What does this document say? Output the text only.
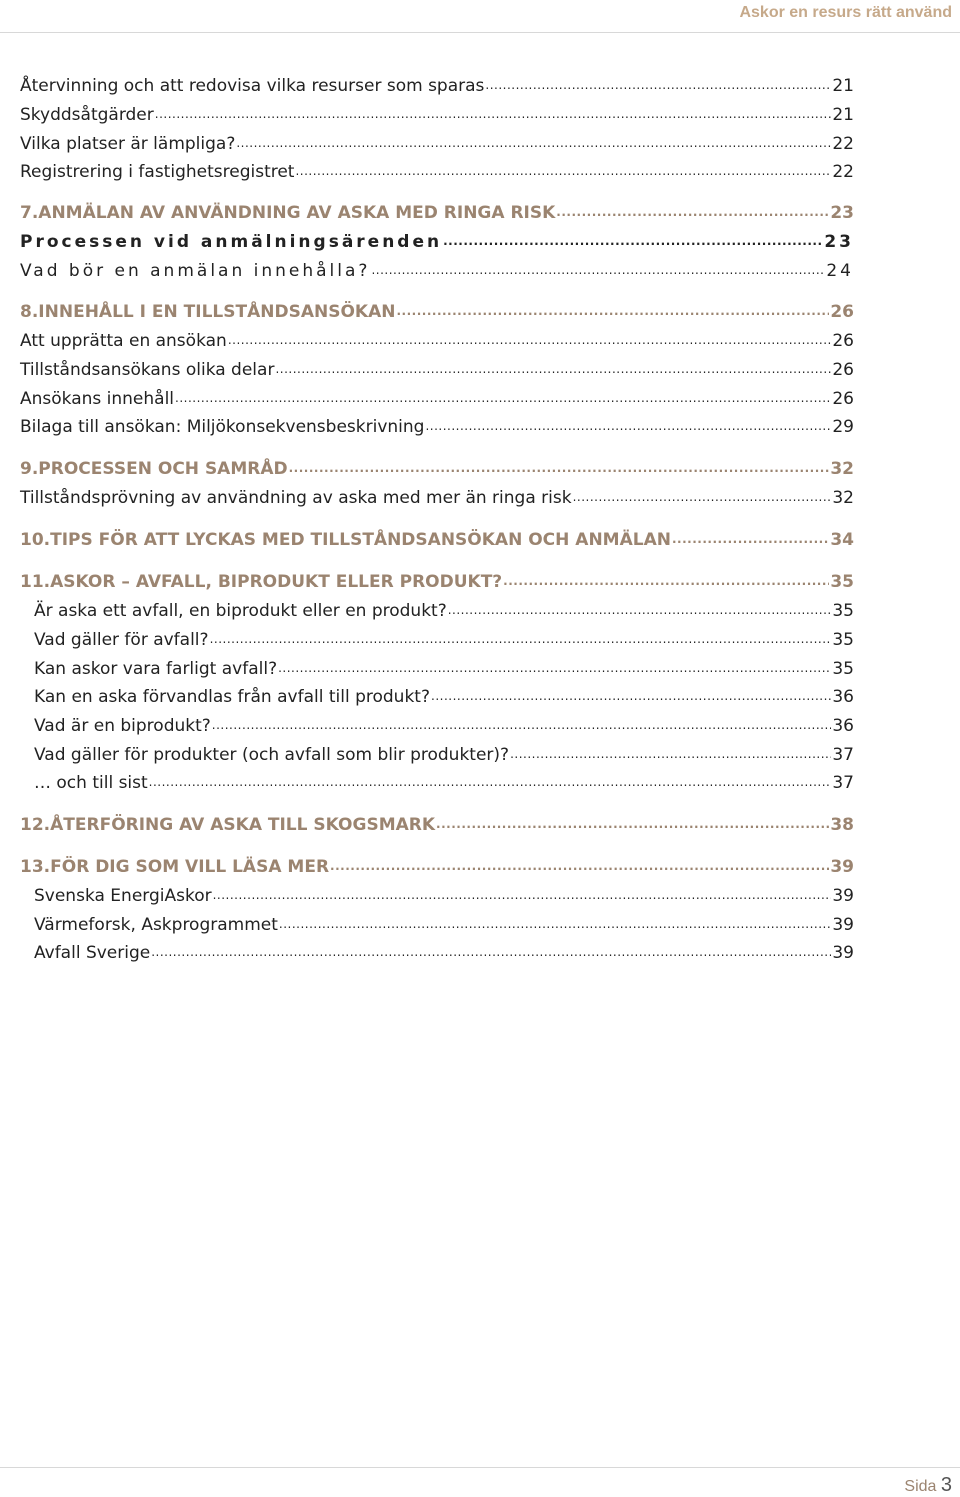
Askor en resurs rätt använd
Återvinning och att redovisa vilka resurser som sparas .....	21
Skyddsåtgärder .....	21
Vilka platser är lämpliga? .....	22
Registrering i fastighetsregistret .....	22
7. ANMÄLAN AV ANVÄNDNING AV ASKA MED RINGA RISK .....	23
Processen vid anmälningsärenden .....	23
Vad bör en anmälan innehålla? .....	24
8. INNEHÅLL I EN TILLSTÅNDSANSÖKAN .....	26
Att upprätta en ansökan .....	26
Tillståndsansökans olika delar .....	26
Ansökans innehåll .....	26
Bilaga till ansökan: Miljökonsekvensbeskrivning .....	29
9. PROCESSEN OCH SAMRÅD .....	32
Tillståndsprövning av användning av aska med mer än ringa risk .....	32
10. TIPS FÖR ATT LYCKAS MED TILLSTÅNDSANSÖKAN OCH ANMÄLAN .....	34
11. ASKOR – AVFALL, BIPRODUKT ELLER PRODUKT? .....	35
Är aska ett avfall, en biprodukt eller en produkt? .....	35
Vad gäller för avfall? .....	35
Kan askor vara farligt avfall? .....	35
Kan en aska förvandlas från avfall till produkt? .....	36
Vad är en biprodukt? .....	36
Vad gäller för produkter (och avfall som blir produkter)? .....	37
… och till sist .....	37
12. ÅTERFÖRING AV ASKA TILL SKOGSMARK .....	38
13. FÖR DIG SOM VILL LÄSA MER .....	39
Svenska EnergiAskor .....	39
Värmeforsk, Askprogrammet .....	39
Avfall Sverige .....	39
Sida 3
